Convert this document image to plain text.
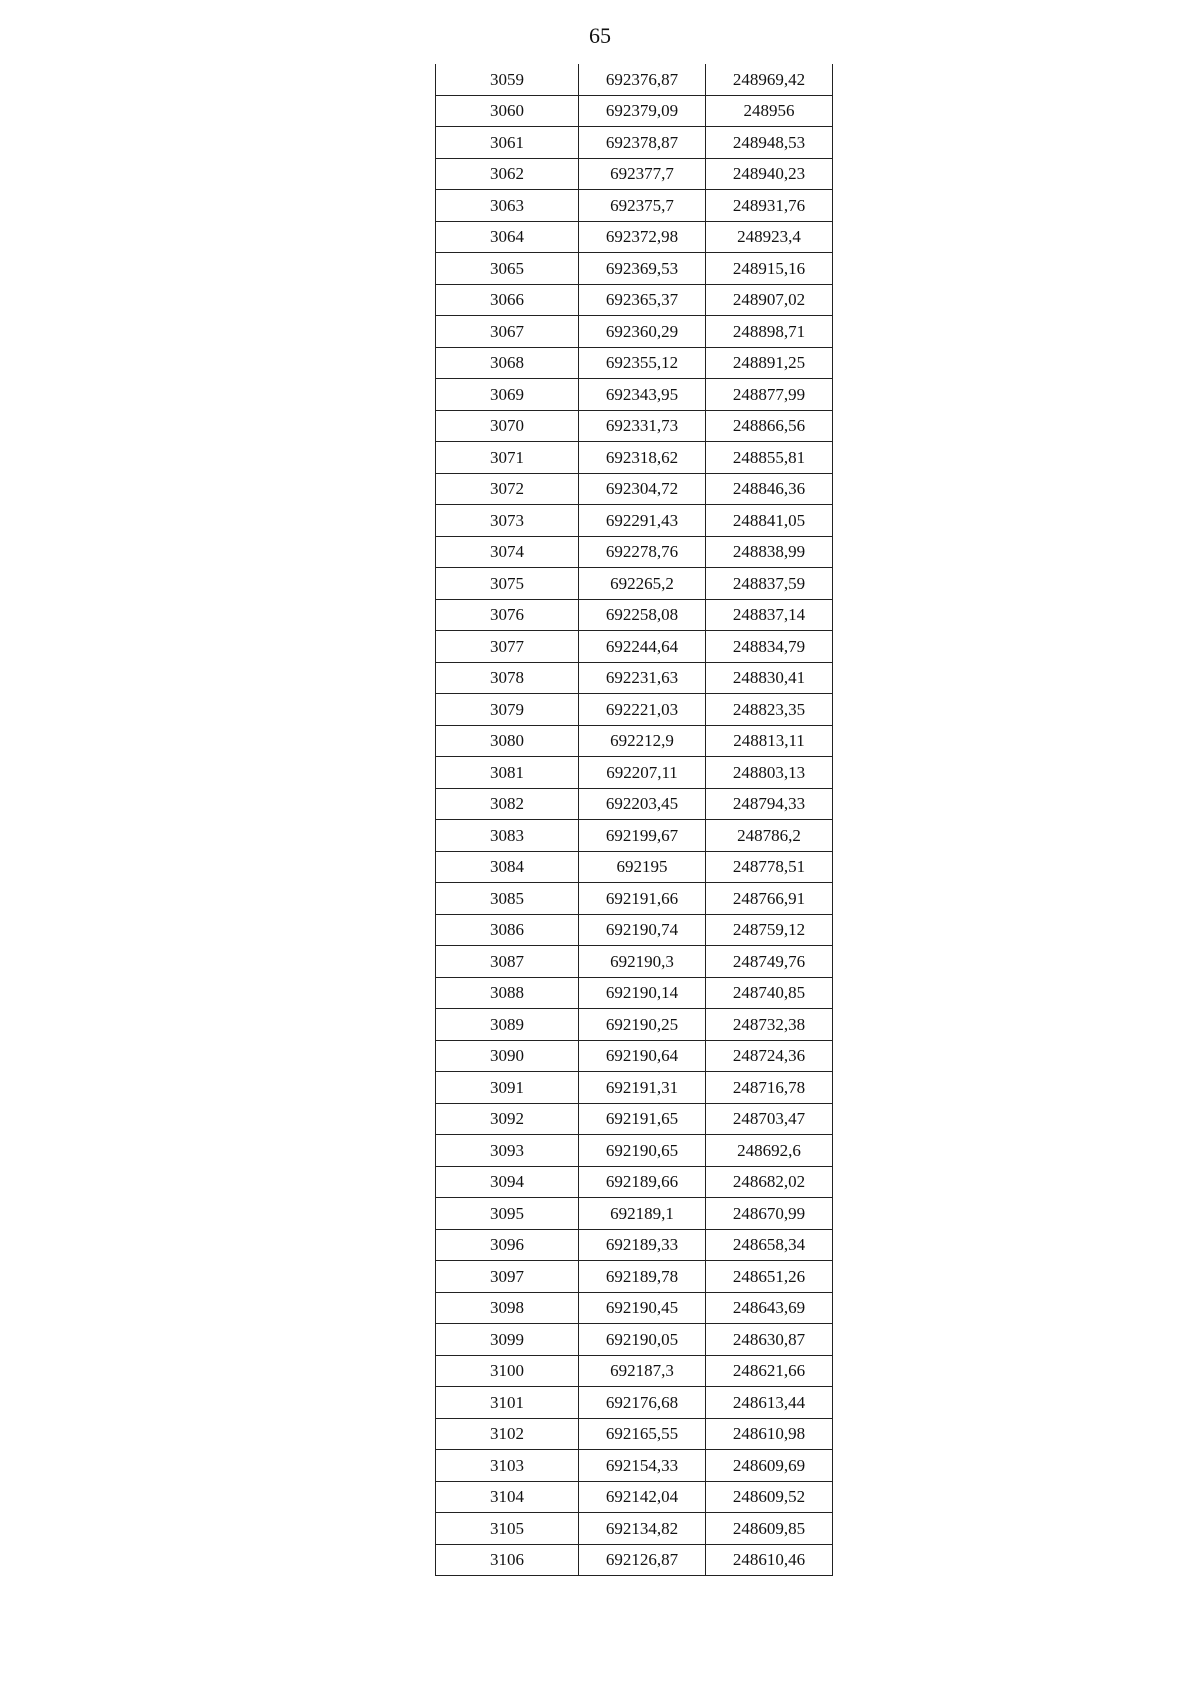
65
3059	692376,87	248969,42
3060	692379,09	248956
3061	692378,87	248948,53
3062	692377,7	248940,23
3063	692375,7	248931,76
3064	692372,98	248923,4
3065	692369,53	248915,16
3066	692365,37	248907,02
3067	692360,29	248898,71
3068	692355,12	248891,25
3069	692343,95	248877,99
3070	692331,73	248866,56
3071	692318,62	248855,81
3072	692304,72	248846,36
3073	692291,43	248841,05
3074	692278,76	248838,99
3075	692265,2	248837,59
3076	692258,08	248837,14
3077	692244,64	248834,79
3078	692231,63	248830,41
3079	692221,03	248823,35
3080	692212,9	248813,11
3081	692207,11	248803,13
3082	692203,45	248794,33
3083	692199,67	248786,2
3084	692195	248778,51
3085	692191,66	248766,91
3086	692190,74	248759,12
3087	692190,3	248749,76
3088	692190,14	248740,85
3089	692190,25	248732,38
3090	692190,64	248724,36
3091	692191,31	248716,78
3092	692191,65	248703,47
3093	692190,65	248692,6
3094	692189,66	248682,02
3095	692189,1	248670,99
3096	692189,33	248658,34
3097	692189,78	248651,26
3098	692190,45	248643,69
3099	692190,05	248630,87
3100	692187,3	248621,66
3101	692176,68	248613,44
3102	692165,55	248610,98
3103	692154,33	248609,69
3104	692142,04	248609,52
3105	692134,82	248609,85
3106	692126,87	248610,46
